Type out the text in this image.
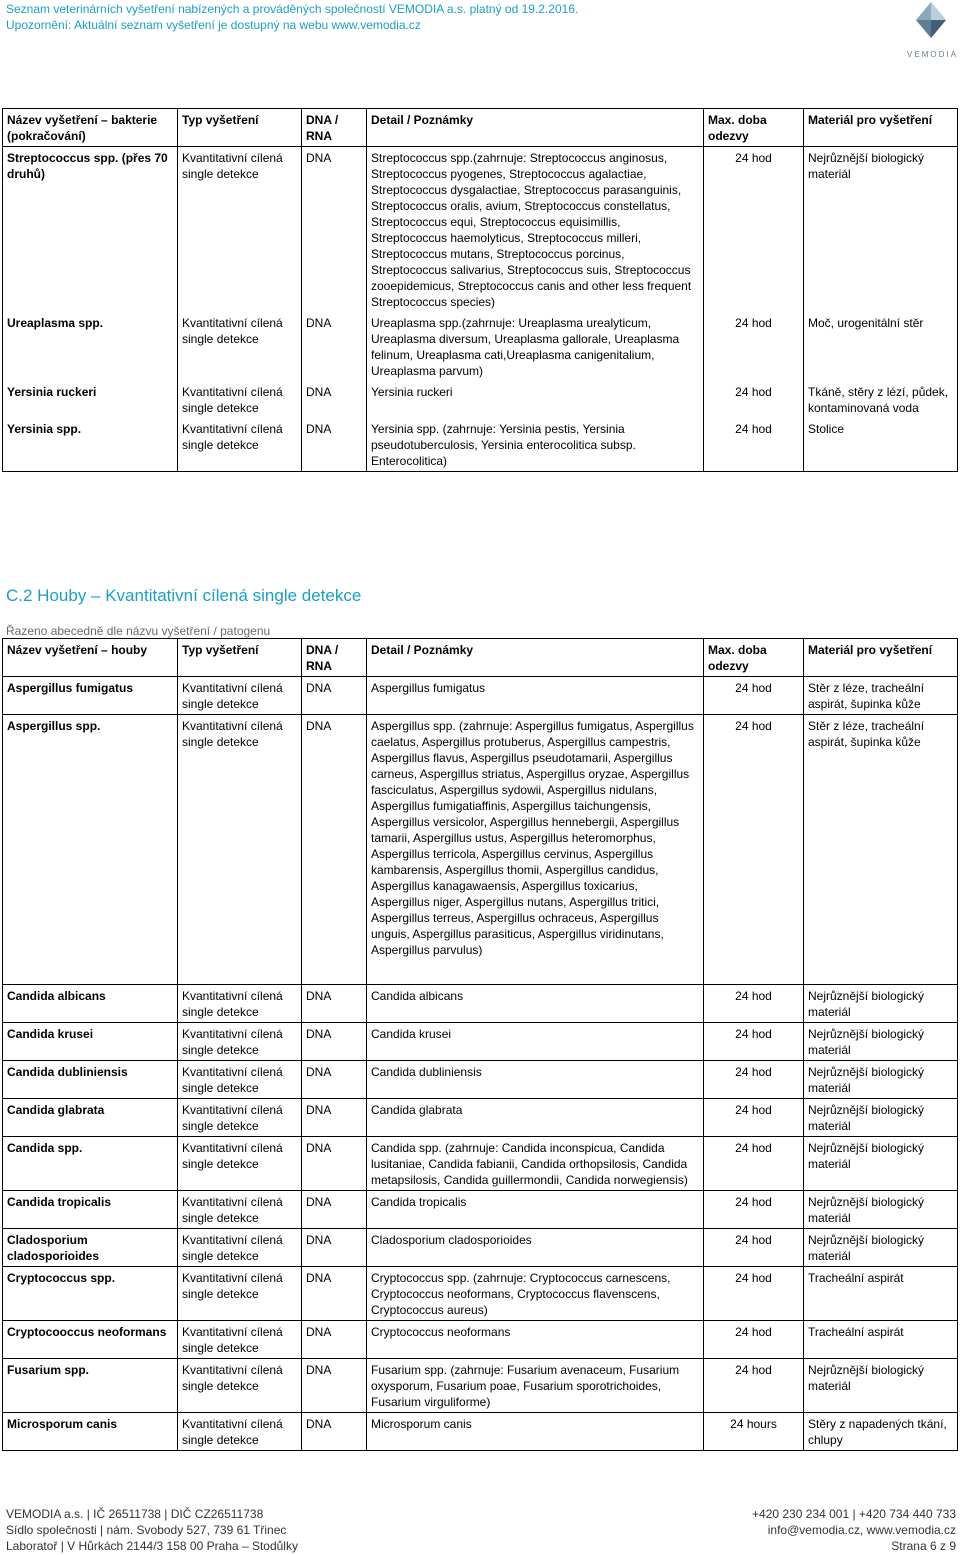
Seznam veterinárních vyšetření nabízených a prováděných společností VEMODIA a.s. platný od 19.2.2016.
Upozornění: Aktuální seznam vyšetření je dostupný na webu www.vemodia.cz
VEMODIA
Název vyšetření – bakterie (pokračování)	Typ vyšetření	DNA / RNA	Detail / Poznámky	Max. doba odezvy	Materiál pro vyšetření
Streptococcus spp. (přes 70 druhů)	Kvantitativní cílená single detekce	DNA	Streptococcus spp.(zahrnuje: Streptococcus anginosus, Streptococcus pyogenes, Streptococcus agalactiae, Streptococcus dysgalactiae, Streptococcus parasanguinis, Streptococcus oralis, avium, Streptococcus constellatus, Streptococcus equi, Streptococcus equisimillis, Streptococcus haemolyticus, Streptococcus milleri, Streptococcus mutans, Streptococcus porcinus, Streptococcus salivarius, Streptococcus suis, Streptococcus zooepidemicus, Streptococcus canis and other less frequent Streptococcus species)	24 hod	Nejrůznější biologický materiál
Ureaplasma spp.	Kvantitativní cílená single detekce	DNA	Ureaplasma spp.(zahrnuje: Ureaplasma urealyticum, Ureaplasma diversum, Ureaplasma gallorale, Ureaplasma felinum, Ureaplasma cati,Ureaplasma canigenitalium, Ureaplasma parvum)	24 hod	Moč, urogenitální stěr
Yersinia ruckeri	Kvantitativní cílená single detekce	DNA	Yersinia ruckeri	24 hod	Tkáně, stěry z lézí, půdek, kontaminovaná voda
Yersinia spp.	Kvantitativní cílená single detekce	DNA	Yersinia spp. (zahrnuje: Yersinia pestis, Yersinia pseudotuberculosis, Yersinia enterocolitica subsp. Enterocolitica)	24 hod	Stolice
C.2 Houby – Kvantitativní cílená single detekce
Řazeno abecedně dle názvu vyšetření / patogenu
Název vyšetření – houby	Typ vyšetření	DNA / RNA	Detail / Poznámky	Max. doba odezvy	Materiál pro vyšetření
Aspergillus fumigatus	Kvantitativní cílená single detekce	DNA	Aspergillus fumigatus	24 hod	Stěr z léze, tracheální aspirát, šupinka kůže
Aspergillus spp.	Kvantitativní cílená single detekce	DNA	Aspergillus spp. (zahrnuje: Aspergillus fumigatus, Aspergillus caelatus, Aspergillus protuberus, Aspergillus campestris, Aspergillus flavus, Aspergillus pseudotamarii, Aspergillus carneus, Aspergillus striatus, Aspergillus oryzae, Aspergillus fasciculatus, Aspergillus sydowii, Aspergillus nidulans, Aspergillus fumigatiaffinis, Aspergillus taichungensis, Aspergillus versicolor, Aspergillus hennebergii, Aspergillus tamarii, Aspergillus ustus, Aspergillus heteromorphus, Aspergillus terricola, Aspergillus cervinus, Aspergillus kambarensis, Aspergillus thomii, Aspergillus candidus, Aspergillus kanagawaensis, Aspergillus toxicarius, Aspergillus niger, Aspergillus nutans, Aspergillus tritici, Aspergillus terreus, Aspergillus ochraceus, Aspergillus unguis, Aspergillus parasiticus, Aspergillus viridinutans, Aspergillus parvulus)	24 hod	Stěr z léze, tracheální aspirát, šupinka kůže
Candida albicans	Kvantitativní cílená single detekce	DNA	Candida albicans	24 hod	Nejrůznější biologický materiál
Candida krusei	Kvantitativní cílená single detekce	DNA	Candida krusei	24 hod	Nejrůznější biologický materiál
Candida dubliniensis	Kvantitativní cílená single detekce	DNA	Candida dubliniensis	24 hod	Nejrůznější biologický materiál
Candida glabrata	Kvantitativní cílená single detekce	DNA	Candida glabrata	24 hod	Nejrůznější biologický materiál
Candida spp.	Kvantitativní cílená single detekce	DNA	Candida spp. (zahrnuje: Candida inconspicua, Candida lusitaniae, Candida fabianii, Candida orthopsilosis, Candida metapsilosis, Candida guillermondii, Candida norwegiensis)	24 hod	Nejrůznější biologický materiál
Candida tropicalis	Kvantitativní cílená single detekce	DNA	Candida tropicalis	24 hod	Nejrůznější biologický materiál
Cladosporium cladosporioides	Kvantitativní cílená single detekce	DNA	Cladosporium cladosporioides	24 hod	Nejrůznější biologický materiál
Cryptococcus spp.	Kvantitativní cílená single detekce	DNA	Cryptococcus spp. (zahrnuje: Cryptococcus carnescens, Cryptococcus neoformans, Cryptococcus flavenscens, Cryptococcus aureus)	24 hod	Tracheální aspirát
Cryptocooccus neoformans	Kvantitativní cílená single detekce	DNA	Cryptococcus neoformans	24 hod	Tracheální aspirát
Fusarium spp.	Kvantitativní cílená single detekce	DNA	Fusarium spp. (zahrnuje: Fusarium avenaceum, Fusarium oxysporum, Fusarium poae, Fusarium sporotrichoides, Fusarium virguliforme)	24 hod	Nejrůznější biologický materiál
Microsporum canis	Kvantitativní cílená single detekce	DNA	Microsporum canis	24 hours	Stěry z napadených tkání, chlupy
VEMODIA a.s. | IČ 26511738 | DIČ CZ26511738
Sídlo společnosti | nám. Svobody 527, 739 61 Třinec
Laboratoř | V Hůrkách 2144/3 158 00 Praha – Stodůlky
+420 230 234 001 | +420 734 440 733
info@vemodia.cz, www.vemodia.cz
Strana 6 z 9
